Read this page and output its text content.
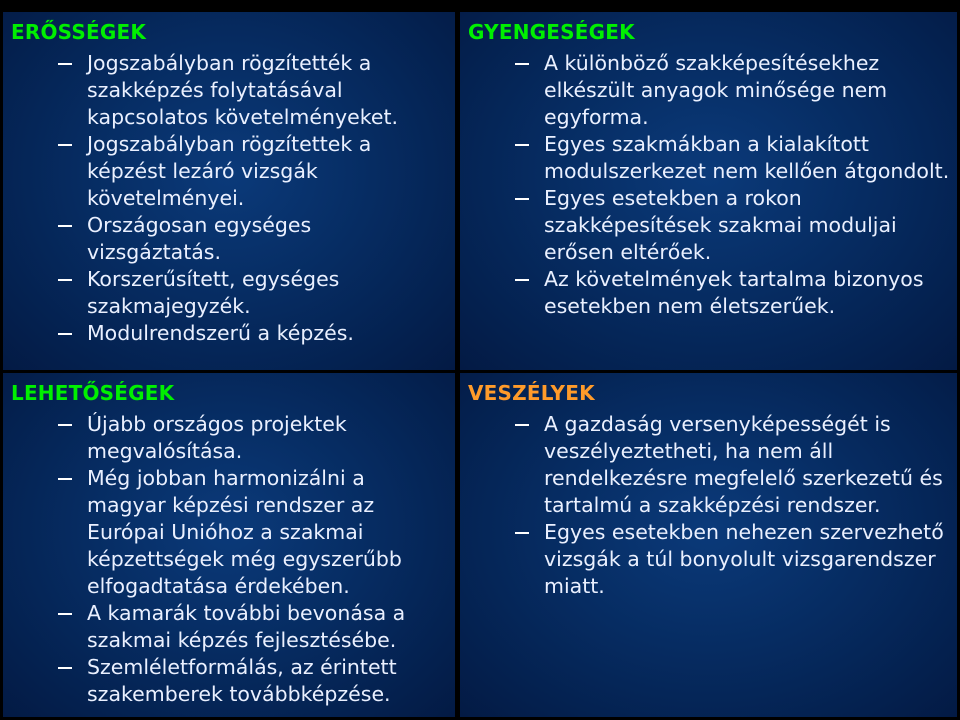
ERŐSSÉGEK
Jogszabályban rögzítették a szakképzés folytatásával kapcsolatos követelményeket.
Jogszabályban rögzítettek a képzést lezáró vizsgák követelményei.
Országosan egységes vizsgáztatás.
Korszerűsített, egységes szakmajegyzék.
Modulrendszerű a képzés.
GYENGESÉGEK
A különböző szakképesítésekhez elkészült anyagok minősége nem egyforma.
Egyes szakmákban a kialakított modulszerkezet nem kellően átgondolt.
Egyes esetekben a rokon szakképesítések szakmai moduljai erősen eltérőek.
Az követelmények tartalma bizonyos esetekben nem életszerűek.
LEHETŐSÉGEK
Újabb országos projektek megvalósítása.
Még jobban harmonizálni a magyar képzési rendszer az Európai Unióhoz a szakmai képzettségek még egyszerűbb elfogadtatása érdekében.
A kamarák további bevonása a szakmai képzés fejlesztésébe.
Szemléletformálás, az érintett szakemberek továbbképzése.
VESZÉLYEK
A gazdaság versenyképességét is veszélyeztetheti, ha nem áll rendelkezésre megfelelő szerkezetű és tartalmú a szakképzési rendszer.
Egyes esetekben nehezen szervezhető vizsgák a túl bonyolult vizsgarendszer miatt.
